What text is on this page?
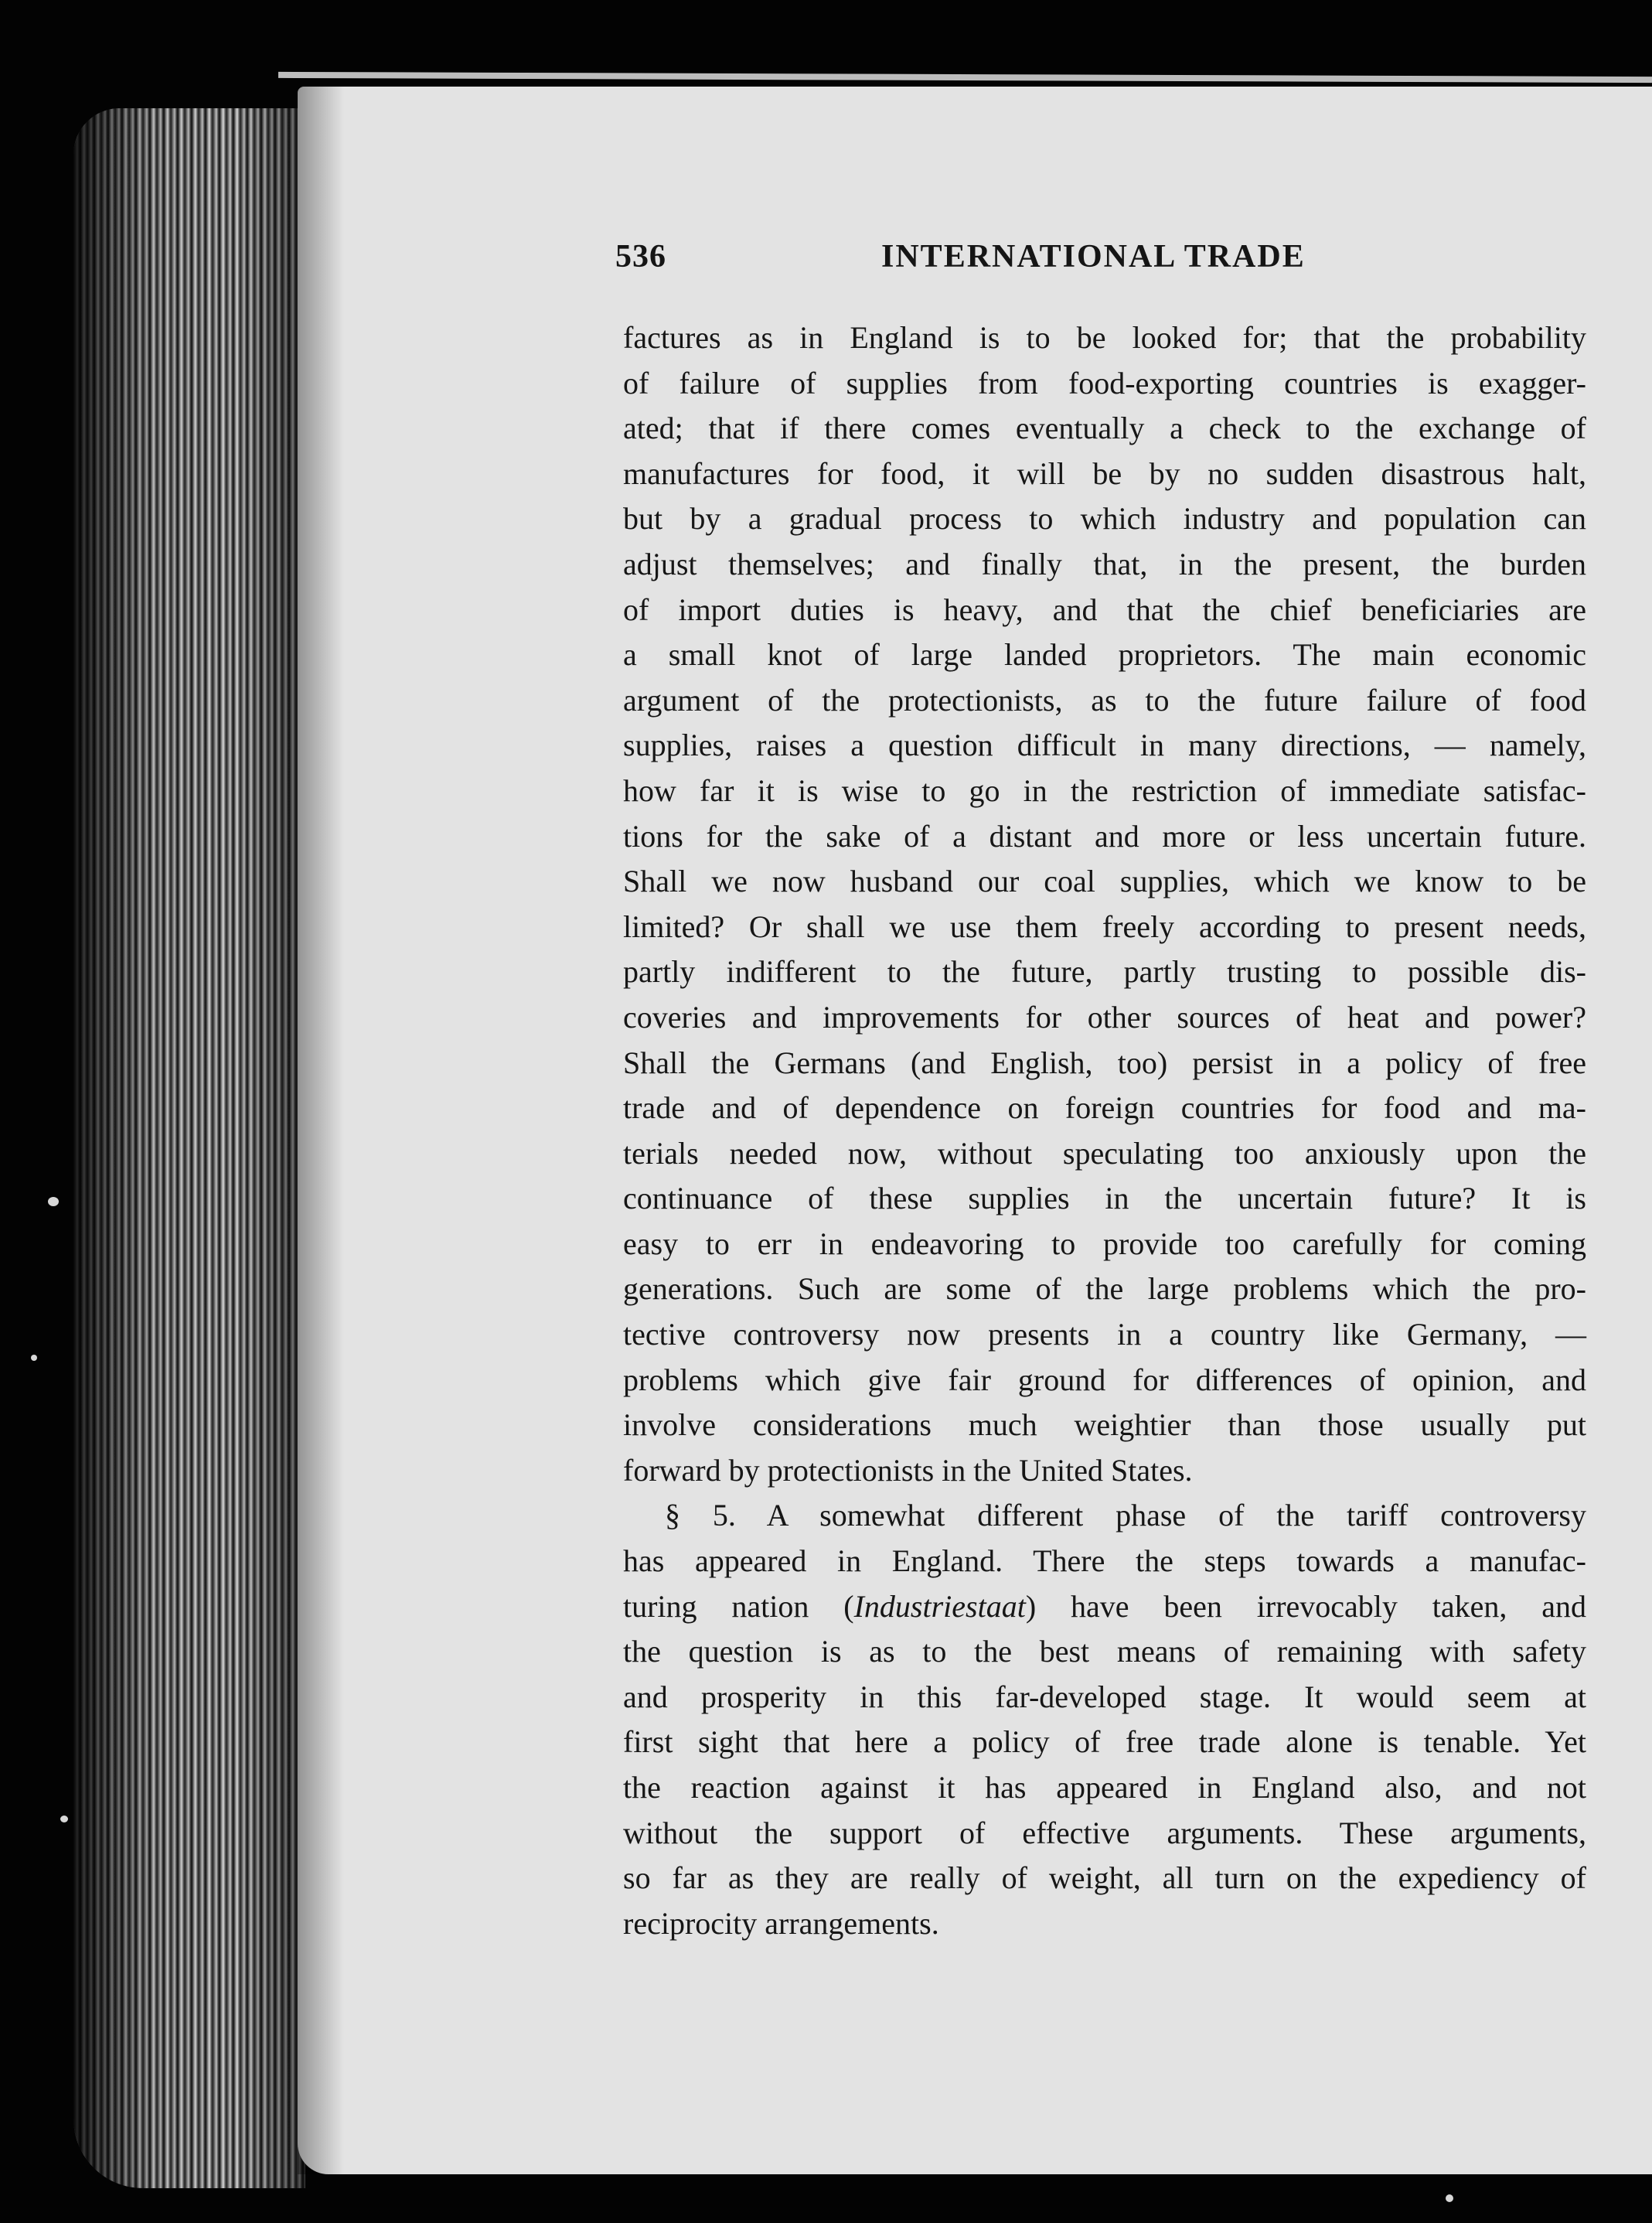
536	INTERNATIONAL TRADE
factures as in England is to be looked for; that the probability
of failure of supplies from food-exporting countries is exagger-
ated; that if there comes eventually a check to the exchange of
manufactures for food, it will be by no sudden disastrous halt,
but by a gradual process to which industry and population can
adjust themselves; and finally that, in the present, the burden
of import duties is heavy, and that the chief beneficiaries are
a small knot of large landed proprietors. The main economic
argument of the protectionists, as to the future failure of food
supplies, raises a question difficult in many directions, — namely,
how far it is wise to go in the restriction of immediate satisfac-
tions for the sake of a distant and more or less uncertain future.
Shall we now husband our coal supplies, which we know to be
limited? Or shall we use them freely according to present needs,
partly indifferent to the future, partly trusting to possible dis-
coveries and improvements for other sources of heat and power?
Shall the Germans (and English, too) persist in a policy of free
trade and of dependence on foreign countries for food and ma-
terials needed now, without speculating too anxiously upon the
continuance of these supplies in the uncertain future? It is
easy to err in endeavoring to provide too carefully for coming
generations. Such are some of the large problems which the pro-
tective controversy now presents in a country like Germany, —
problems which give fair ground for differences of opinion, and
involve considerations much weightier than those usually put
forward by protectionists in the United States.
§ 5. A somewhat different phase of the tariff controversy
has appeared in England. There the steps towards a manufac-
turing nation (Industriestaat) have been irrevocably taken, and
the question is as to the best means of remaining with safety
and prosperity in this far-developed stage. It would seem at
first sight that here a policy of free trade alone is tenable. Yet
the reaction against it has appeared in England also, and not
without the support of effective arguments. These arguments,
so far as they are really of weight, all turn on the expediency of
reciprocity arrangements.
